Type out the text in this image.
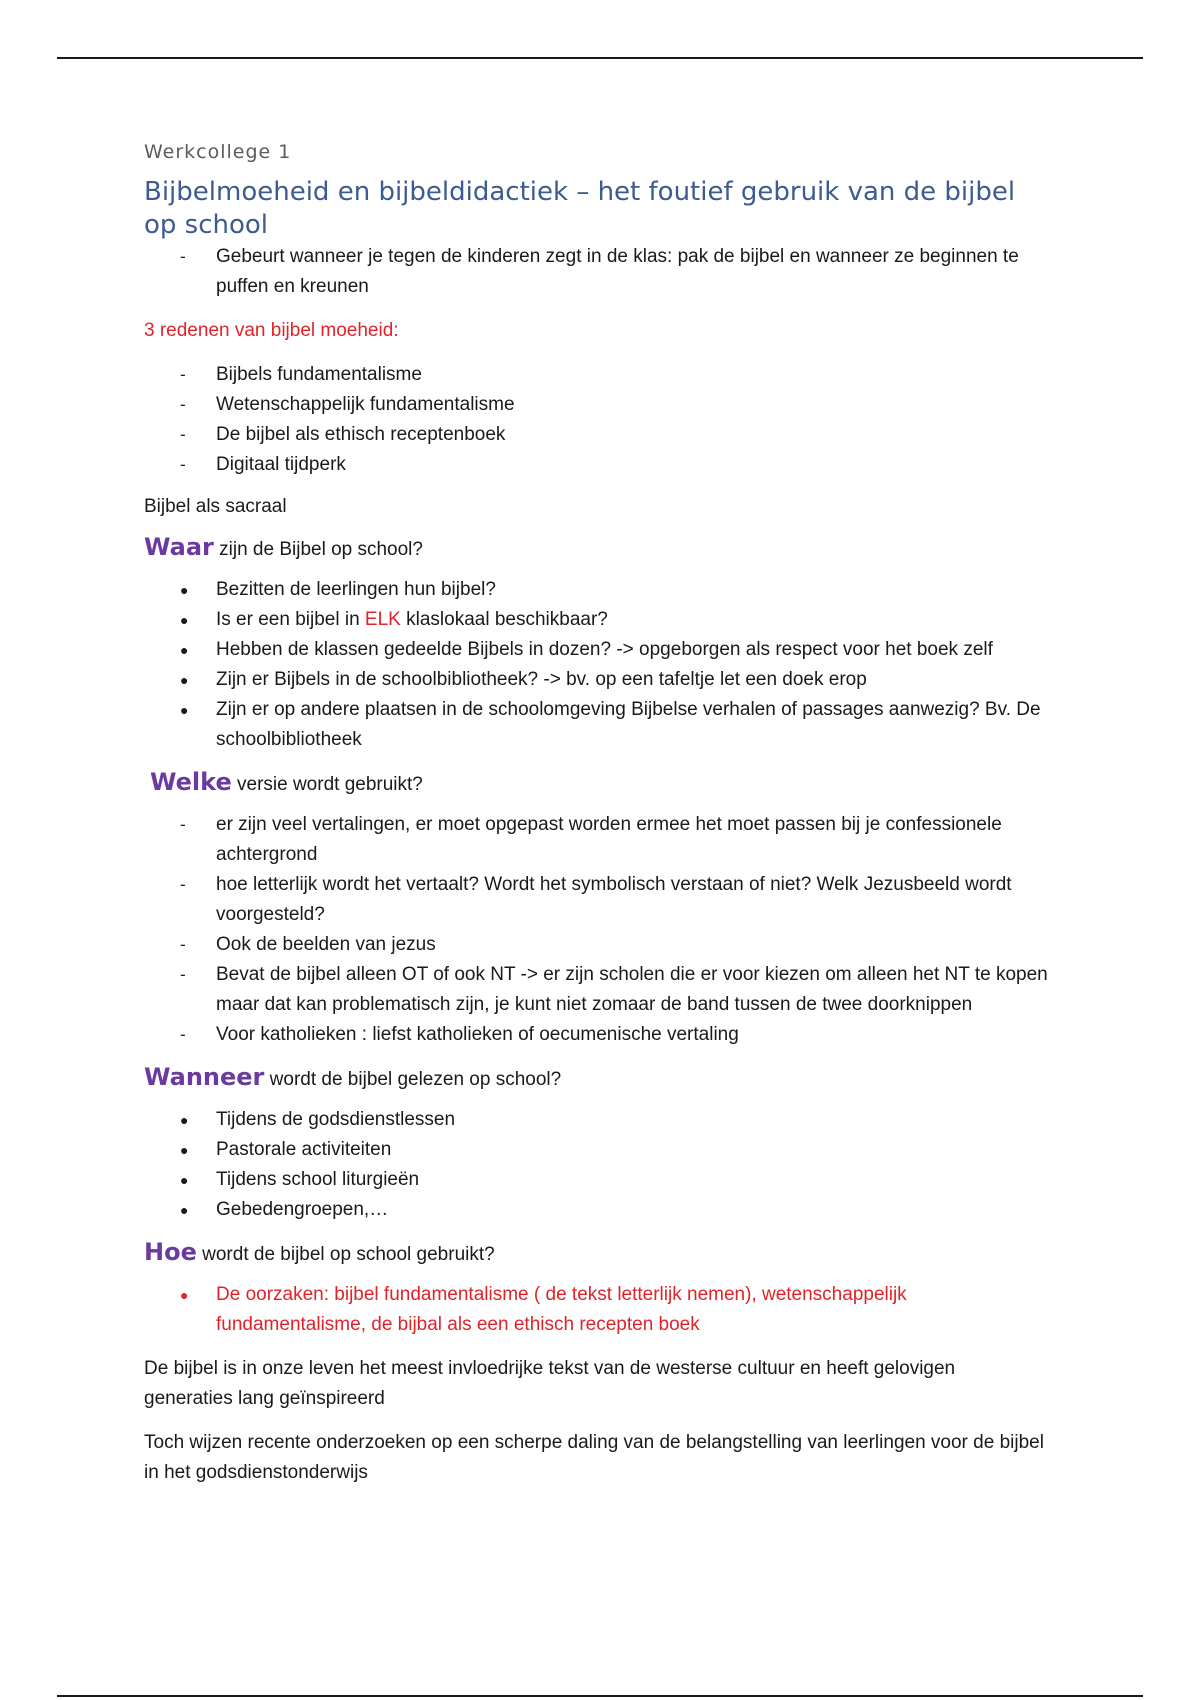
Werkcollege 1

Bijbelmoeheid en bijbeldidactiek – het foutief gebruik van de bijbel op school
-	Gebeurt wanneer je tegen de kinderen zegt in de klas: pak de bijbel en wanneer ze beginnen te puffen en kreunen

3 redenen van bijbel moeheid:

-	Bijbels fundamentalisme
-	Wetenschappelijk fundamentalisme
-	De bijbel als ethisch receptenboek
-	Digitaal tijdperk

Bijbel als sacraal

Waar zijn de Bijbel op school?

●	Bezitten de leerlingen hun bijbel?
●	Is er een bijbel in ELK klaslokaal beschikbaar?
●	Hebben de klassen gedeelde Bijbels in dozen? -> opgeborgen als respect voor het boek zelf
●	Zijn er Bijbels in de schoolbibliotheek? -> bv. op een tafeltje let een doek erop
●	Zijn er op andere plaatsen in de schoolomgeving Bijbelse verhalen of passages aanwezig? Bv. De schoolbibliotheek

Welke versie wordt gebruikt?

-	er zijn veel vertalingen, er moet opgepast worden ermee het moet passen bij je confessionele achtergrond
-	hoe letterlijk wordt het vertaalt? Wordt het symbolisch verstaan of niet? Welk Jezusbeeld wordt voorgesteld?
-	Ook de beelden van jezus
-	Bevat de bijbel alleen OT of ook NT -> er zijn scholen die er voor kiezen om alleen het NT te kopen maar dat kan problematisch zijn, je kunt niet zomaar de band tussen de twee doorknippen
-	Voor katholieken : liefst katholieken of oecumenische vertaling

Wanneer wordt de bijbel gelezen op school?

●	Tijdens de godsdienstlessen
●	Pastorale activiteiten
●	Tijdens school liturgieën
●	Gebedengroepen,…

Hoe wordt de bijbel op school gebruikt?

●	De oorzaken: bijbel fundamentalisme ( de tekst letterlijk nemen), wetenschappelijk fundamentalisme, de bijbal als een ethisch recepten boek

De bijbel is in onze leven het meest invloedrijke tekst van de westerse cultuur en heeft gelovigen generaties lang geïnspireerd

Toch wijzen recente onderzoeken op een scherpe daling van de belangstelling van leerlingen voor de bijbel in het godsdienstonderwijs
